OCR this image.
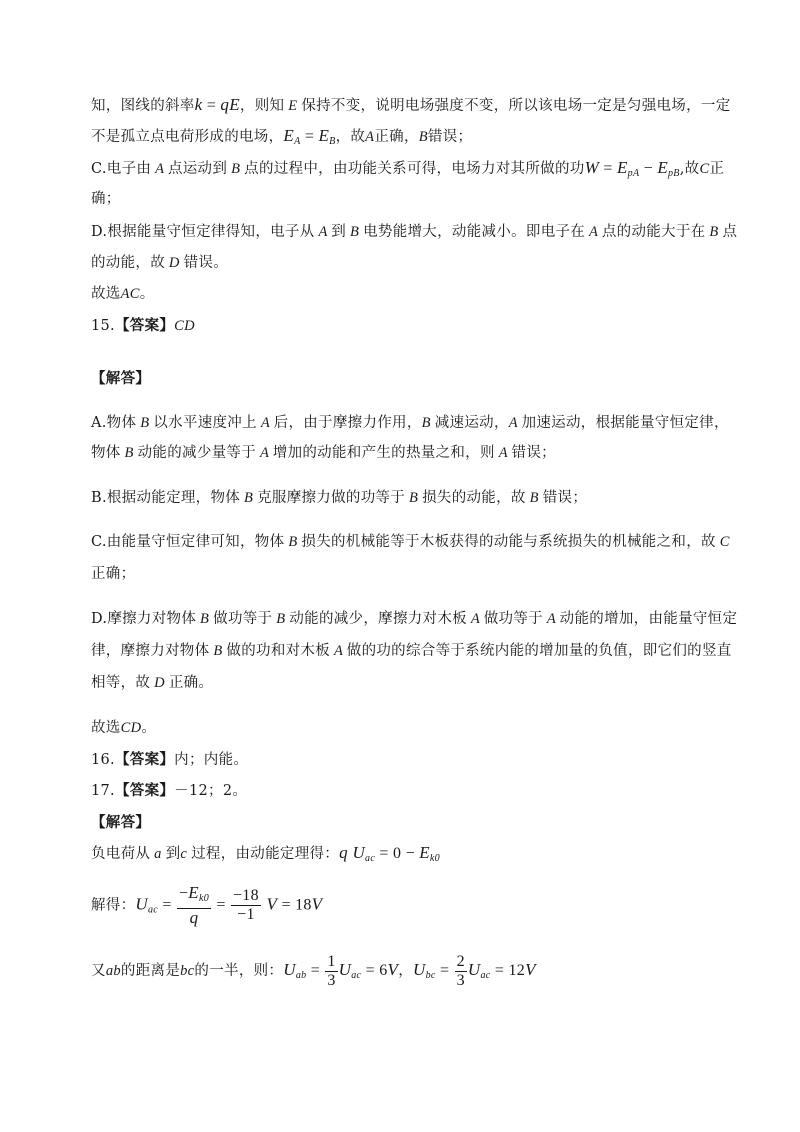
知，图线的斜率k = qE，则知 E 保持不变，说明电场强度不变，所以该电场一定是匀强电场，一定
不是孤立点电荷形成的电场，$E_A = E_B$，故A正确，B错误；
C.电子由 A 点运动到 B 点的过程中，由功能关系可得，电场力对其所做的功$W = E_{pA} - E_{pB}$,故C正
确；
D.根据能量守恒定律得知，电子从 A 到 B 电势能增大，动能减小。即电子在 A 点的动能大于在 B 点
的动能，故 D 错误。
故选AC。
15.【答案】CD
【解答】
A.物体 B 以水平速度冲上 A 后，由于摩擦力作用，B 减速运动，A 加速运动，根据能量守恒定律，
物体 B 动能的减少量等于 A 增加的动能和产生的热量之和，则 A 错误；
B.根据动能定理，物体 B 克服摩擦力做的功等于 B 损失的动能，故 B 错误；
C.由能量守恒定律可知，物体 B 损失的机械能等于木板获得的动能与系统损失的机械能之和，故 C
正确；
D.摩擦力对物体 B 做功等于 B 动能的减少，摩擦力对木板 A 做功等于 A 动能的增加，由能量守恒定
律，摩擦力对物体 B 做的功和对木板 A 做的功的综合等于系统内能的增加量的负值，即它们的竖直
相等，故 D 正确。
故选CD。
16.【答案】内；内能。
17.【答案】－12；2。
【解答】
负电荷从 a 到c 过程，由动能定理得：q $U_{ac} = 0 - E_{k0}$
解得：$U_{ac} = \frac{-E_{k0}}{q} = \frac{-18}{-1}$ V = 18V
又ab的距离是bc的一半，则：$U_{ab} = \frac{1}{3} U_{ac} = 6V$，$U_{bc} = \frac{2}{3} U_{ac} = 12V$
